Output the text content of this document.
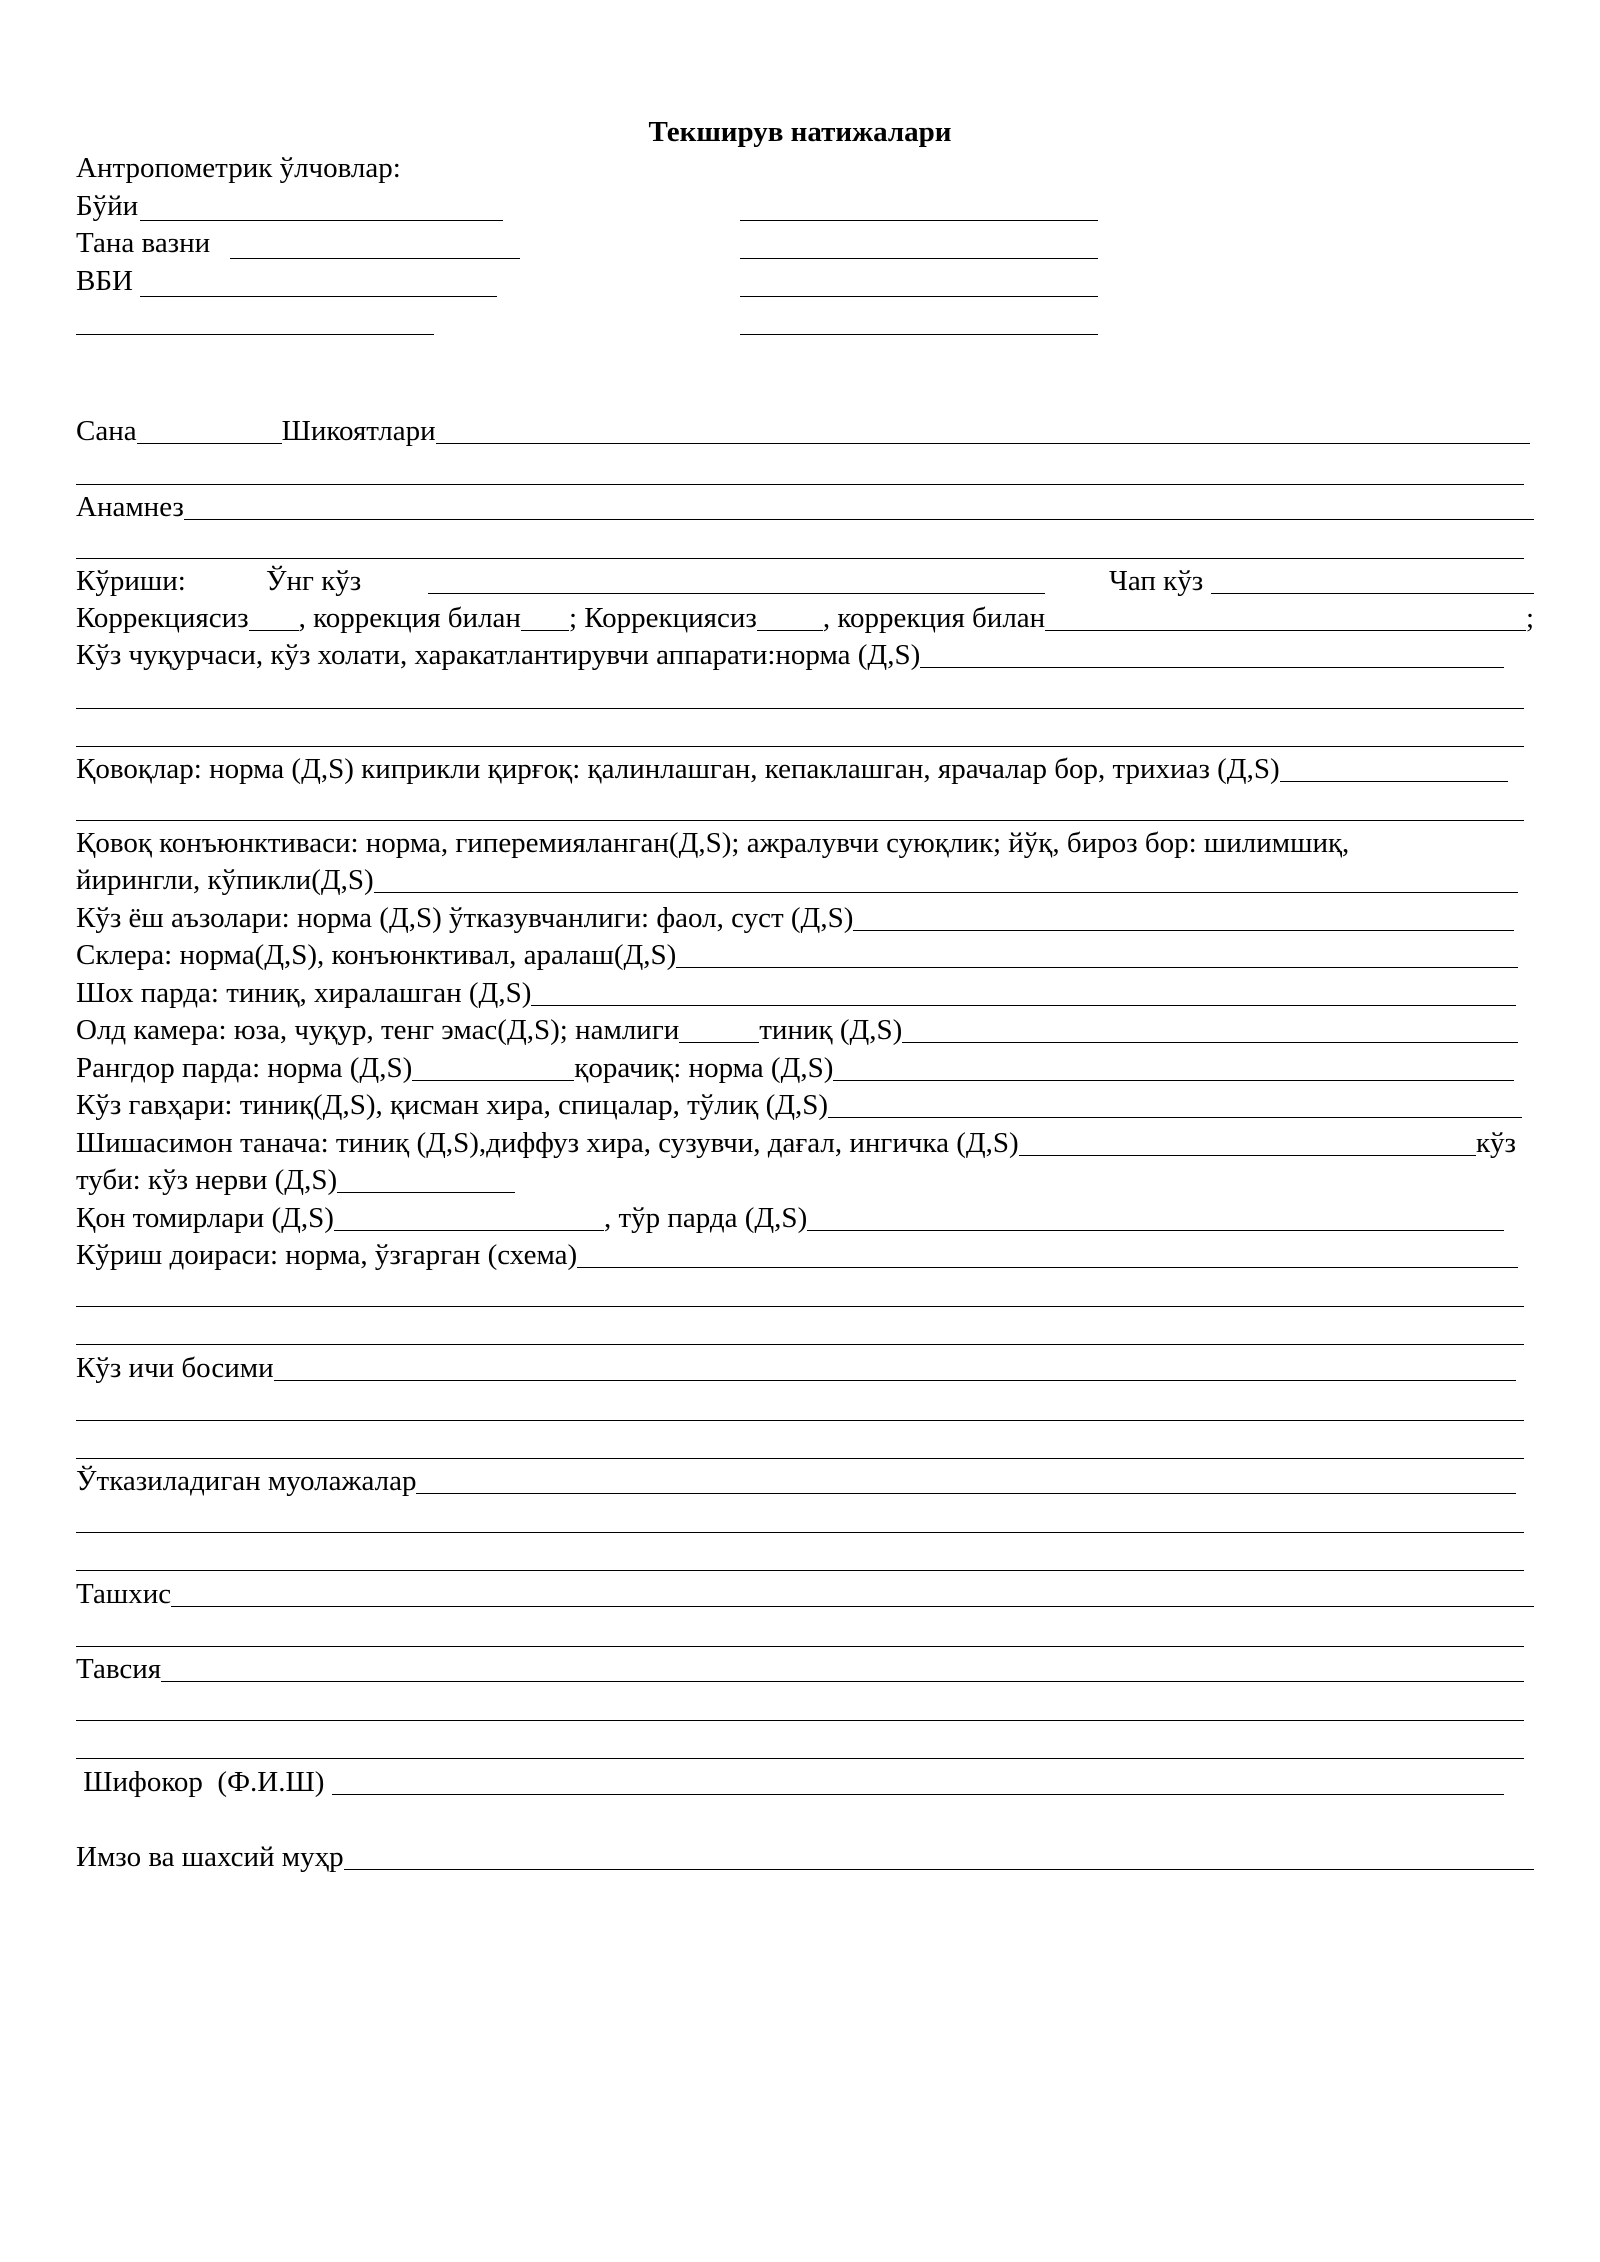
Текширув натижалари
Антропометрик ўлчовлар:
Бўйи
Тана вазни
ВБИ
Сана	Шикоятлари
Анамнез
Кўриши:	Ўнг кўз	Чап кўз
Коррекциясиз , коррекция билан ; Коррекциясиз , коррекция билан	;
Кўз чуқурчаси, кўз холати, харакатлантирувчи аппарати:норма (Д,S)
Қовоқлар: норма (Д,S) киприкли қирғоқ: қалинлашган, кепаклашган, ярачалар бор, трихиаз (Д,S)
Қовоқ конъюнктиваси: норма, гиперемияланган(Д,S); ажралувчи суюқлик; йўқ, бироз бор: шилимшиқ,
йирингли, кўпикли(Д,S)
Кўз ёш аъзолари: норма (Д,S) ўтказувчанлиги: фаол, суст (Д,S)
Склера: норма(Д,S), конъюнктивал, аралаш(Д,S)
Шох парда: тиниқ, хиралашган (Д,S)
Олд камера: юза, чуқур, тенг эмас(Д,S); намлиги	тиниқ (Д,S)
Рангдор парда: норма (Д,S)	қорачиқ: норма (Д,S)
Кўз гавҳари: тиниқ(Д,S), қисман хира, спицалар, тўлиқ (Д,S)
Шишасимон танача: тиниқ (Д,S),диффуз хира, сузувчи, дағал, ингичка (Д,S)	кўз
туби: кўз нерви (Д,S)
Қон томирлари (Д,S)	, тўр парда (Д,S)
Кўриш доираси: норма, ўзгарган (схема)
Кўз ичи босими
Ўтказиладиган муолажалар
Ташхис
Тавсия
Шифокор  (Ф.И.Ш)
Имзо ва шахсий муҳр
